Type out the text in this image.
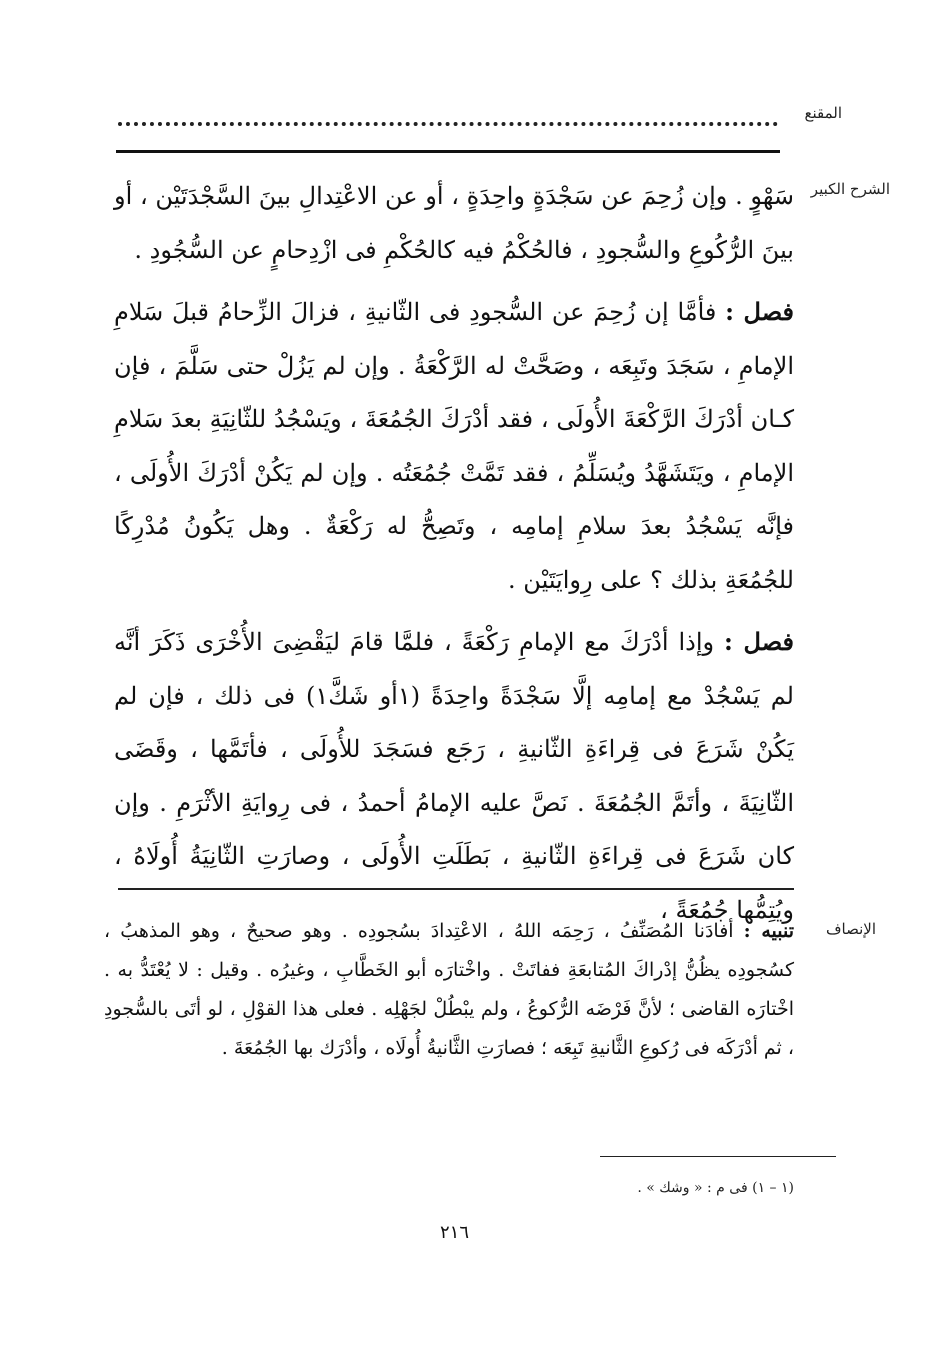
المقنع
الشرح الكبير

سَهْوٍ . وإن زُحِمَ عن سَجْدَةٍ واحِدَةٍ ، أو عن الاعْتِدالِ بينَ السَّجْدَتَيْن ، أو بينَ الرُّكُوعِ والسُّجودِ ، فالحُكْمُ فيه كالحُكْمِ فى ازْدِحامٍ عن السُّجُودِ .

فصل : فأمَّا إن زُحِمَ عن السُّجودِ فى الثّانيةِ ، فزالَ الزِّحامُ قبلَ سَلامِ الإمامِ ، سَجَدَ وتَبِعَه ، وصَحَّتْ له الرَّكْعَةُ . وإن لم يَزُلْ حتى سَلَّمَ ، فإن كـان أدْرَكَ الرَّكْعَةَ الأُولَى ، فقد أدْرَكَ الجُمُعَةَ ، ويَسْجُدُ للثّانِيَةِ بعدَ سَلامِ الإمامِ ، ويَتَشَهَّدُ ويُسَلِّمُ ، فقد تَمَّتْ جُمُعَتُه . وإن لم يَكُنْ أدْرَكَ الأُولَى ، فإنَّه يَسْجُدُ بعدَ سلامِ إمامِه ، وتَصِحُّ له رَكْعَةٌ . وهل يَكُونُ مُدْرِكًا للجُمُعَةِ بذلك ؟ على رِوايَتَيْن .

فصل : وإذا أدْرَكَ مع الإمامِ رَكْعَةً ، فلمَّا قامَ ليَقْضِىَ الأُخْرَى ذَكَرَ أنَّه لم يَسْجُدْ مع إمامِه إلَّا سَجْدَةً واحِدَةً (١أو شَكَّ١) فى ذلك ، فإن لم يَكُنْ شَرَعَ فى قِراءَةِ الثّانيةِ ، رَجَع فسَجَدَ للأُولَى ، فأتَمَّها ، وقَضَى الثّانِيَةَ ، وأتَمَّ الجُمُعَةَ . نَصَّ عليه الإمامُ أحمدُ ، فى رِوايَةِ الأثْرَمِ . وإن كان شَرَعَ فى قِراءَةِ الثّانيةِ ، بَطَلَتِ الأُولَى ، وصارَتِ الثّانِيَةُ أُولَاهُ ، ويُتِمُّها جُمُعَةً ،

الإنصاف

تنبيه : أفادَنا المُصَنِّفُ ، رَحِمَه اللهُ ، الاعْتِدادَ بسُجودِه . وهو صحيحٌ ، وهو المذهبُ ، كسُجودِه يظُنُّ إدْراكَ المُتابعَةِ ففاتَتْ . واخْتارَه أبو الخَطَّابِ ، وغيرُه . وقيل : لا يُعْتَدُّ به . اخْتارَه القاضى ؛ لأنَّ فَرْضَه الرُّكوعُ ، ولم يبْطُلْ لجَهْلِه . فعلى هذا القوْلِ ، لو أتَى بالسُّجودِ ، ثم أدْرَكَه فى رُكوعِ الثَّانيةِ تَبِعَه ؛ فصارَتِ الثَّانيةُ أُولَاه ، وأدْرَك بها الجُمُعَةَ .

(١ – ١) فى م : « وشك » .
٢١٦
